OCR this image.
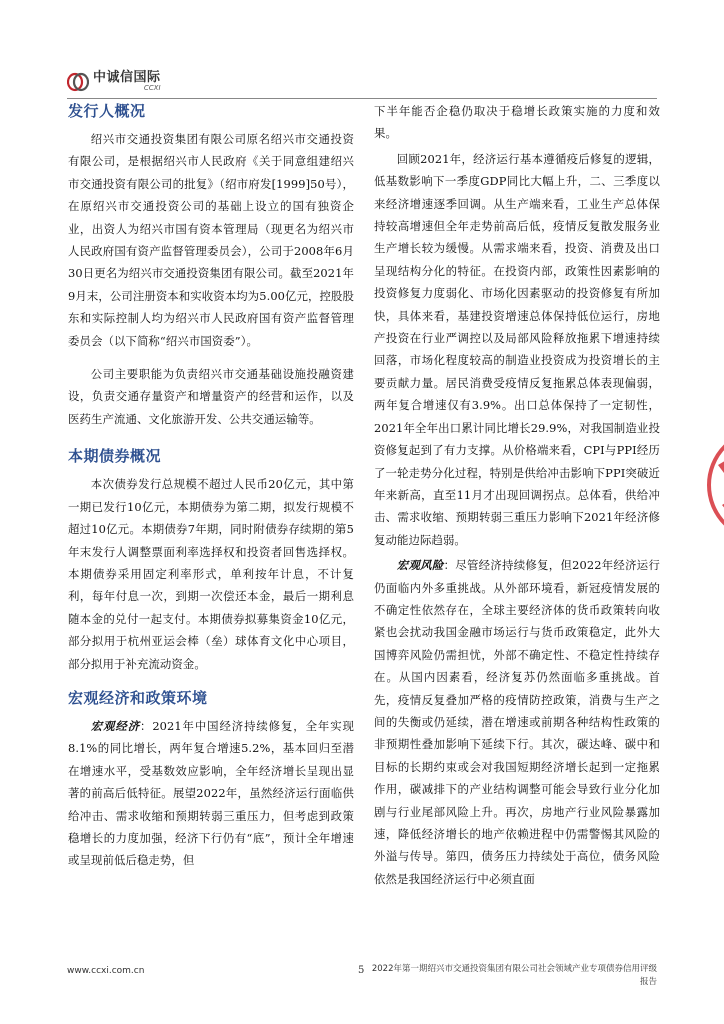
中诚信国际
CCXI
发行人概况

绍兴市交通投资集团有限公司原名绍兴市交通投资有限公司，是根据绍兴市人民政府《关于同意组建绍兴市交通投资有限公司的批复》（绍市府发[1999]50号），在原绍兴市交通投资公司的基础上设立的国有独资企业，出资人为绍兴市国有资本管理局（现更名为绍兴市人民政府国有资产监督管理委员会），公司于2008年6月30日更名为绍兴市交通投资集团有限公司。截至2021年9月末，公司注册资本和实收资本均为5.00亿元，控股股东和实际控制人均为绍兴市人民政府国有资产监督管理委员会（以下简称“绍兴市国资委”）。

公司主要职能为负责绍兴市交通基础设施投融资建设，负责交通存量资产和增量资产的经营和运作，以及医药生产流通、文化旅游开发、公共交通运输等。

本期债券概况

本次债券发行总规模不超过人民币20亿元，其中第一期已发行10亿元，本期债券为第二期，拟发行规模不超过10亿元。本期债券7年期，同时附债券存续期的第5年末发行人调整票面利率选择权和投资者回售选择权。本期债券采用固定利率形式，单利按年计息，不计复利，每年付息一次，到期一次偿还本金，最后一期利息随本金的兑付一起支付。本期债券拟募集资金10亿元，部分拟用于杭州亚运会棒（垒）球体育文化中心项目，部分拟用于补充流动资金。

宏观经济和政策环境

宏观经济：2021年中国经济持续修复，全年实现8.1%的同比增长，两年复合增速5.2%，基本回归至潜在增速水平，受基数效应影响，全年经济增长呈现出显著的前高后低特征。展望2022年，虽然经济运行面临供给冲击、需求收缩和预期转弱三重压力，但考虑到政策稳增长的力度加强，经济下行仍有“底”，预计全年增速或呈现前低后稳走势，但

下半年能否企稳仍取决于稳增长政策实施的力度和效果。

回顾2021年，经济运行基本遵循疫后修复的逻辑，低基数影响下一季度GDP同比大幅上升，二、三季度以来经济增速逐季回调。从生产端来看，工业生产总体保持较高增速但全年走势前高后低，疫情反复散发服务业生产增长较为缓慢。从需求端来看，投资、消费及出口呈现结构分化的特征。在投资内部，政策性因素影响的投资修复力度弱化、市场化因素驱动的投资修复有所加快，具体来看，基建投资增速总体保持低位运行，房地产投资在行业严调控以及局部风险释放拖累下增速持续回落，市场化程度较高的制造业投资成为投资增长的主要贡献力量。居民消费受疫情反复拖累总体表现偏弱，两年复合增速仅有3.9%。出口总体保持了一定韧性，2021年全年出口累计同比增长29.9%，对我国制造业投资修复起到了有力支撑。从价格端来看，CPI与PPI经历了一轮走势分化过程，特别是供给冲击影响下PPI突破近年来新高，直至11月才出现回调拐点。总体看，供给冲击、需求收缩、预期转弱三重压力影响下2021年经济修复动能边际趋弱。

宏观风险：尽管经济持续修复，但2022年经济运行仍面临内外多重挑战。从外部环境看，新冠疫情发展的不确定性依然存在，全球主要经济体的货币政策转向收紧也会扰动我国金融市场运行与货币政策稳定，此外大国博弈风险仍需担忧，外部不确定性、不稳定性持续存在。从国内因素看，经济复苏仍然面临多重挑战。首先，疫情反复叠加严格的疫情防控政策，消费与生产之间的失衡或仍延续，潜在增速或前期各种结构性政策的非预期性叠加影响下延续下行。其次，碳达峰、碳中和目标的长期约束或会对我国短期经济增长起到一定拖累作用，碳减排下的产业结构调整可能会导致行业分化加剧与行业尾部风险上升。再次，房地产行业风险暴露加速，降低经济增长的地产依赖进程中仍需警惕其风险的外溢与传导。第四，债务压力持续处于高位，债务风险依然是我国经济运行中必须直面

www.ccxi.com.cn	5 2022年第一期绍兴市交通投资集团有限公司社会领域产业专项债券信用评级报告
